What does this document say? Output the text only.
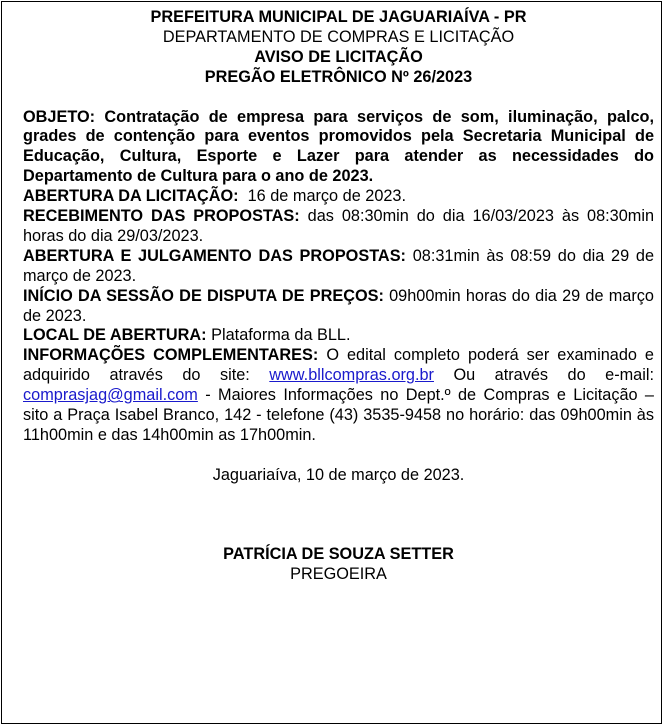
PREFEITURA MUNICIPAL DE JAGUARIAÍVA - PR
DEPARTAMENTO DE COMPRAS E LICITAÇÃO
AVISO DE LICITAÇÃO
PREGÃO ELETRÔNICO Nº 26/2023

OBJETO: Contratação de empresa para serviços de som, iluminação, palco, grades de contenção para eventos promovidos pela Secretaria Municipal de Educação, Cultura, Esporte e Lazer para atender as necessidades do Departamento de Cultura para o ano de 2023.

ABERTURA DA LICITAÇÃO:  16 de março de 2023.

RECEBIMENTO DAS PROPOSTAS: das 08:30min do dia 16/03/2023 às 08:30min horas do dia 29/03/2023.

ABERTURA E JULGAMENTO DAS PROPOSTAS: 08:31min às 08:59 do dia 29 de março de 2023.

INÍCIO DA SESSÃO DE DISPUTA DE PREÇOS: 09h00min horas do dia 29 de março de 2023.

LOCAL DE ABERTURA: Plataforma da BLL.

INFORMAÇÕES COMPLEMENTARES: O edital completo poderá ser examinado e adquirido através do site: www.bllcompras.org.br Ou através do e-mail: comprasjag@gmail.com - Maiores Informações no Dept.º de Compras e Licitação – sito a Praça Isabel Branco, 142 - telefone (43) 3535-9458 no horário: das 09h00min às 11h00min e das 14h00min as 17h00min.

Jaguariaíva, 10 de março de 2023.
PATRÍCIA DE SOUZA SETTER
PREGOEIRA
